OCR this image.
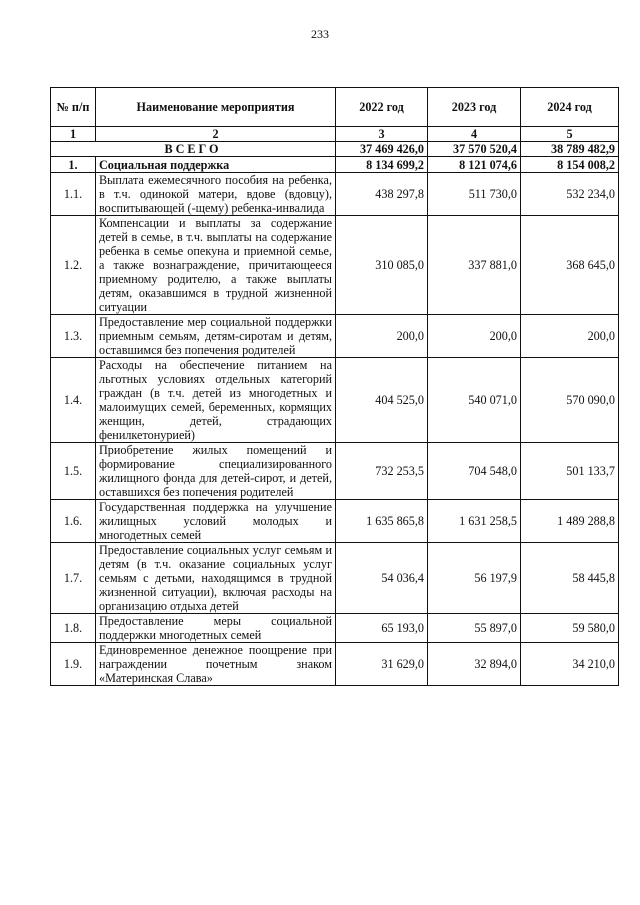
233
№ п/п	Наименование мероприятия	2022 год	2023 год	2024 год
1	2	3	4	5
ВСЕГО		37 469 426,0	37 570 520,4	38 789 482,9
1.	Социальная поддержка	8 134 699,2	8 121 074,6	8 154 008,2
1.1.	Выплата ежемесячного пособия на ребенка, в т.ч. одинокой матери, вдове (вдовцу), воспитывающей (-щему) ребенка-инвалида	438 297,8	511 730,0	532 234,0
1.2.	Компенсации и выплаты за содержание детей в семье, в т.ч. выплаты на содержание ребенка в семье опекуна и приемной семье, а также вознаграждение, причитающееся приемному родителю, а также выплаты детям, оказавшимся в трудной жизненной ситуации	310 085,0	337 881,0	368 645,0
1.3.	Предоставление мер социальной поддержки приемным семьям, детям-сиротам и детям, оставшимся без попечения родителей	200,0	200,0	200,0
1.4.	Расходы на обеспечение питанием на льготных условиях отдельных категорий граждан (в т.ч. детей из многодетных и малоимущих семей, беременных, кормящих женщин, детей, страдающих фенилкетонурией)	404 525,0	540 071,0	570 090,0
1.5.	Приобретение жилых помещений и формирование специализированного жилищного фонда для детей-сирот, и детей, оставшихся без попечения родителей	732 253,5	704 548,0	501 133,7
1.6.	Государственная поддержка на улучшение жилищных условий молодых и многодетных семей	1 635 865,8	1 631 258,5	1 489 288,8
1.7.	Предоставление социальных услуг семьям и детям (в т.ч. оказание социальных услуг семьям с детьми, находящимся в трудной жизненной ситуации), включая расходы на организацию отдыха детей	54 036,4	56 197,9	58 445,8
1.8.	Предоставление меры социальной поддержки многодетных семей	65 193,0	55 897,0	59 580,0
1.9.	Единовременное денежное поощрение при награждении почетным знаком «Материнская Слава»	31 629,0	32 894,0	34 210,0
